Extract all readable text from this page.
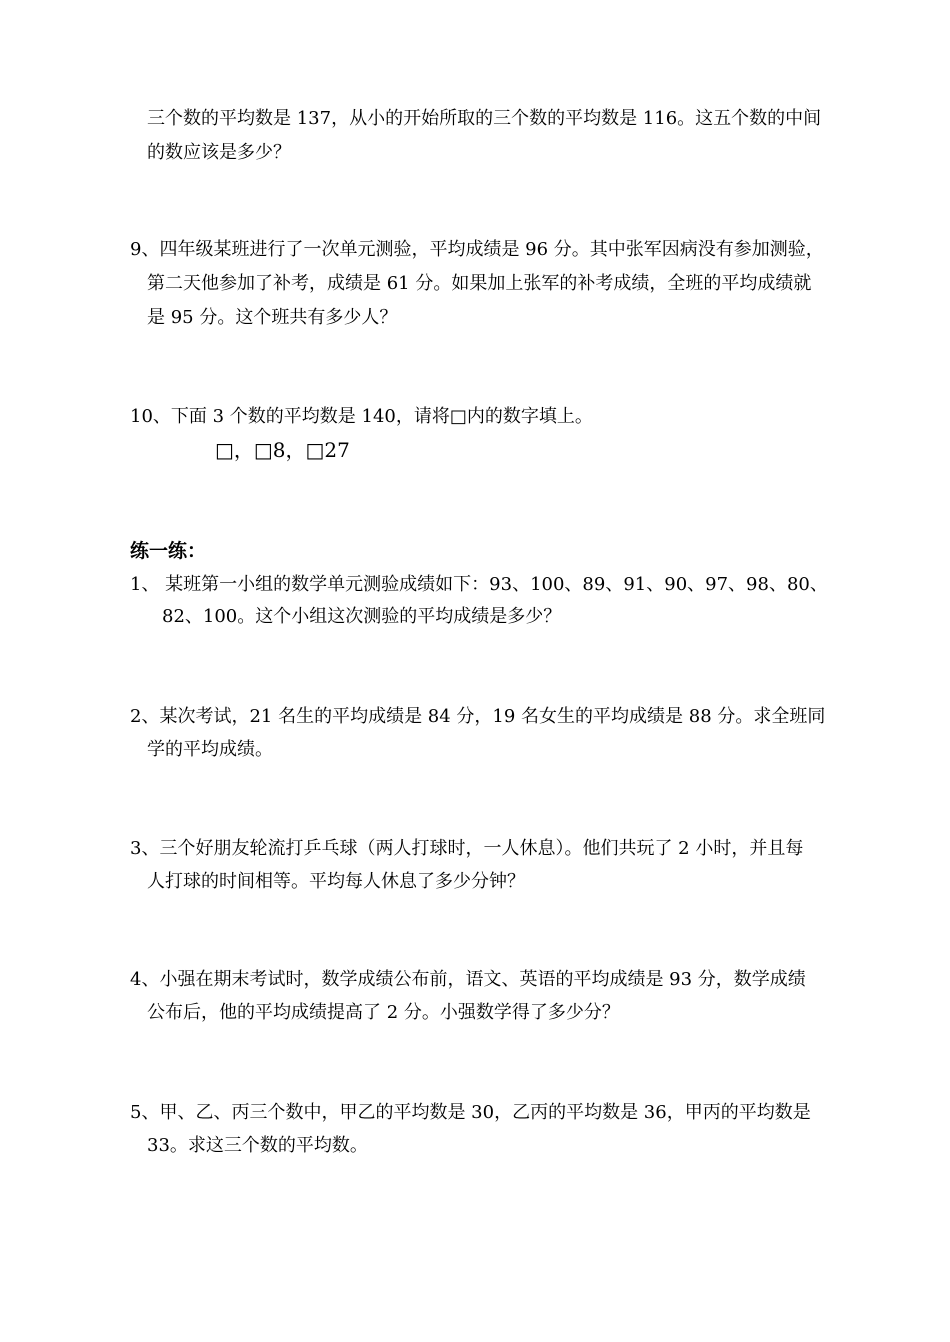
三个数的平均数是 137，从小的开始所取的三个数的平均数是 116。这五个数的中间
的数应该是多少？
9、四年级某班进行了一次单元测验，平均成绩是 96 分。其中张军因病没有参加测验，
第二天他参加了补考，成绩是 61 分。如果加上张军的补考成绩，全班的平均成绩就
是 95 分。这个班共有多少人？
10、下面 3 个数的平均数是 140，请将□内的数字填上。
□，□8，□27
练一练：
1、 某班第一小组的数学单元测验成绩如下：93、100、89、91、90、97、98、80、
82、100。这个小组这次测验的平均成绩是多少？
2、某次考试，21 名生的平均成绩是 84 分，19 名女生的平均成绩是 88 分。求全班同
学的平均成绩。
3、三个好朋友轮流打乒乓球（两人打球时，一人休息）。他们共玩了 2 小时，并且每
人打球的时间相等。平均每人休息了多少分钟？
4、小强在期末考试时，数学成绩公布前，语文、英语的平均成绩是 93 分，数学成绩
公布后，他的平均成绩提高了 2 分。小强数学得了多少分？
5、甲、乙、丙三个数中，甲乙的平均数是 30，乙丙的平均数是 36，甲丙的平均数是
33。求这三个数的平均数。
